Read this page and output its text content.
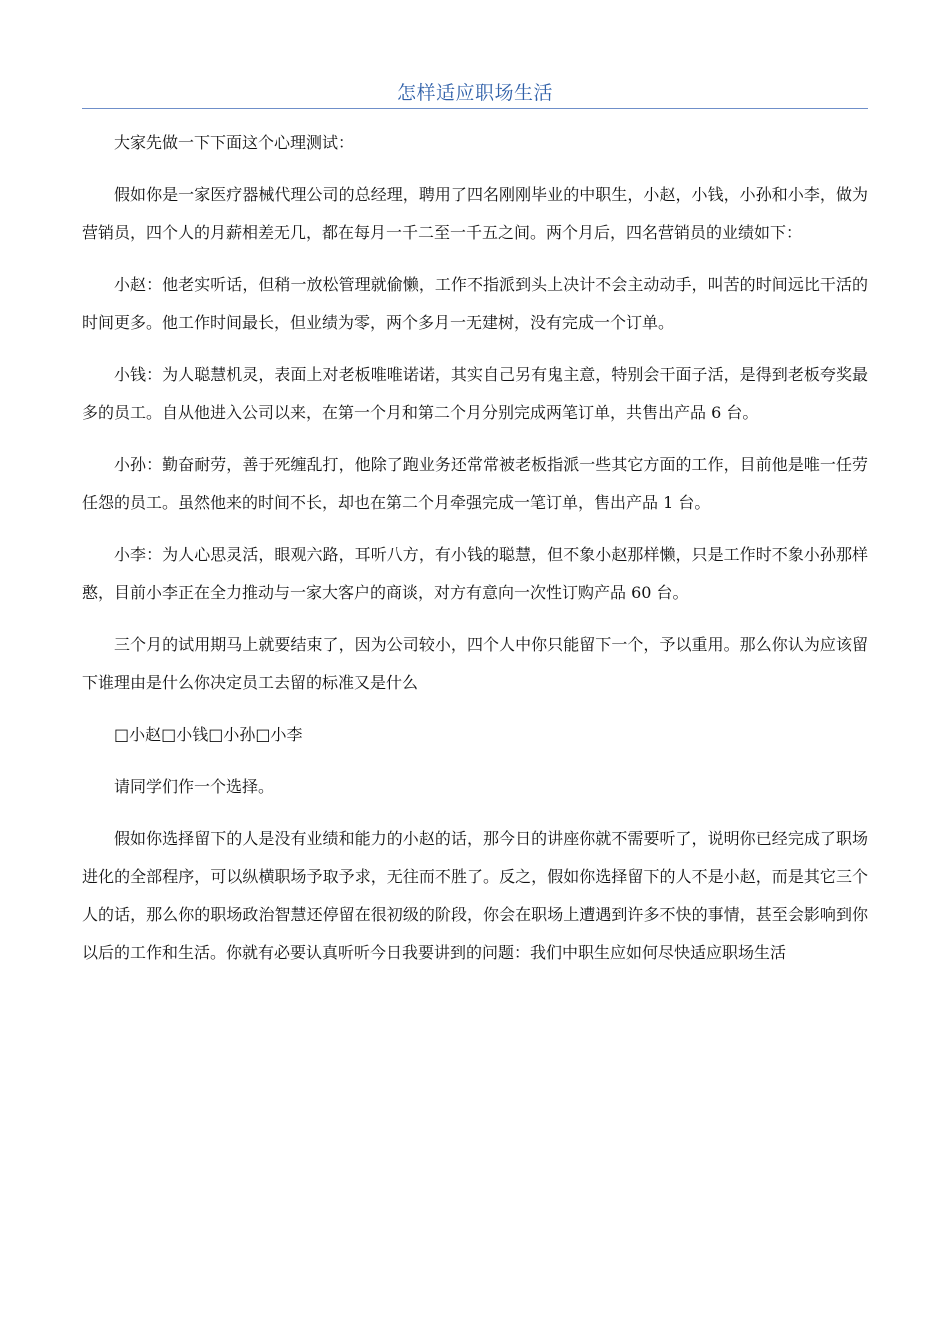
怎样适应职场生活

大家先做一下下面这个心理测试：

假如你是一家医疗器械代理公司的总经理，聘用了四名刚刚毕业的中职生，小赵，小钱，小孙和小李，做为营销员，四个人的月薪相差无几，都在每月一千二至一千五之间。两个月后，四名营销员的业绩如下：

小赵：他老实听话，但稍一放松管理就偷懒，工作不指派到头上决计不会主动动手，叫苦的时间远比干活的时间更多。他工作时间最长，但业绩为零，两个多月一无建树，没有完成一个订单。

小钱：为人聪慧机灵，表面上对老板唯唯诺诺，其实自己另有鬼主意，特别会干面子活，是得到老板夸奖最多的员工。自从他进入公司以来，在第一个月和第二个月分别完成两笔订单，共售出产品 6 台。

小孙：勤奋耐劳，善于死缠乱打，他除了跑业务还常常被老板指派一些其它方面的工作，目前他是唯一任劳任怨的员工。虽然他来的时间不长，却也在第二个月牵强完成一笔订单，售出产品 1 台。

小李：为人心思灵活，眼观六路，耳听八方，有小钱的聪慧，但不象小赵那样懒，只是工作时不象小孙那样憨，目前小李正在全力推动与一家大客户的商谈，对方有意向一次性订购产品 60 台。

三个月的试用期马上就要结束了，因为公司较小，四个人中你只能留下一个，予以重用。那么你认为应该留下谁理由是什么你决定员工去留的标准又是什么

□小赵□小钱□小孙□小李

请同学们作一个选择。

假如你选择留下的人是没有业绩和能力的小赵的话，那今日的讲座你就不需要听了，说明你已经完成了职场进化的全部程序，可以纵横职场予取予求，无往而不胜了。反之，假如你选择留下的人不是小赵，而是其它三个人的话，那么你的职场政治智慧还停留在很初级的阶段，你会在职场上遭遇到许多不快的事情，甚至会影响到你以后的工作和生活。你就有必要认真听听今日我要讲到的问题：我们中职生应如何尽快适应职场生活
